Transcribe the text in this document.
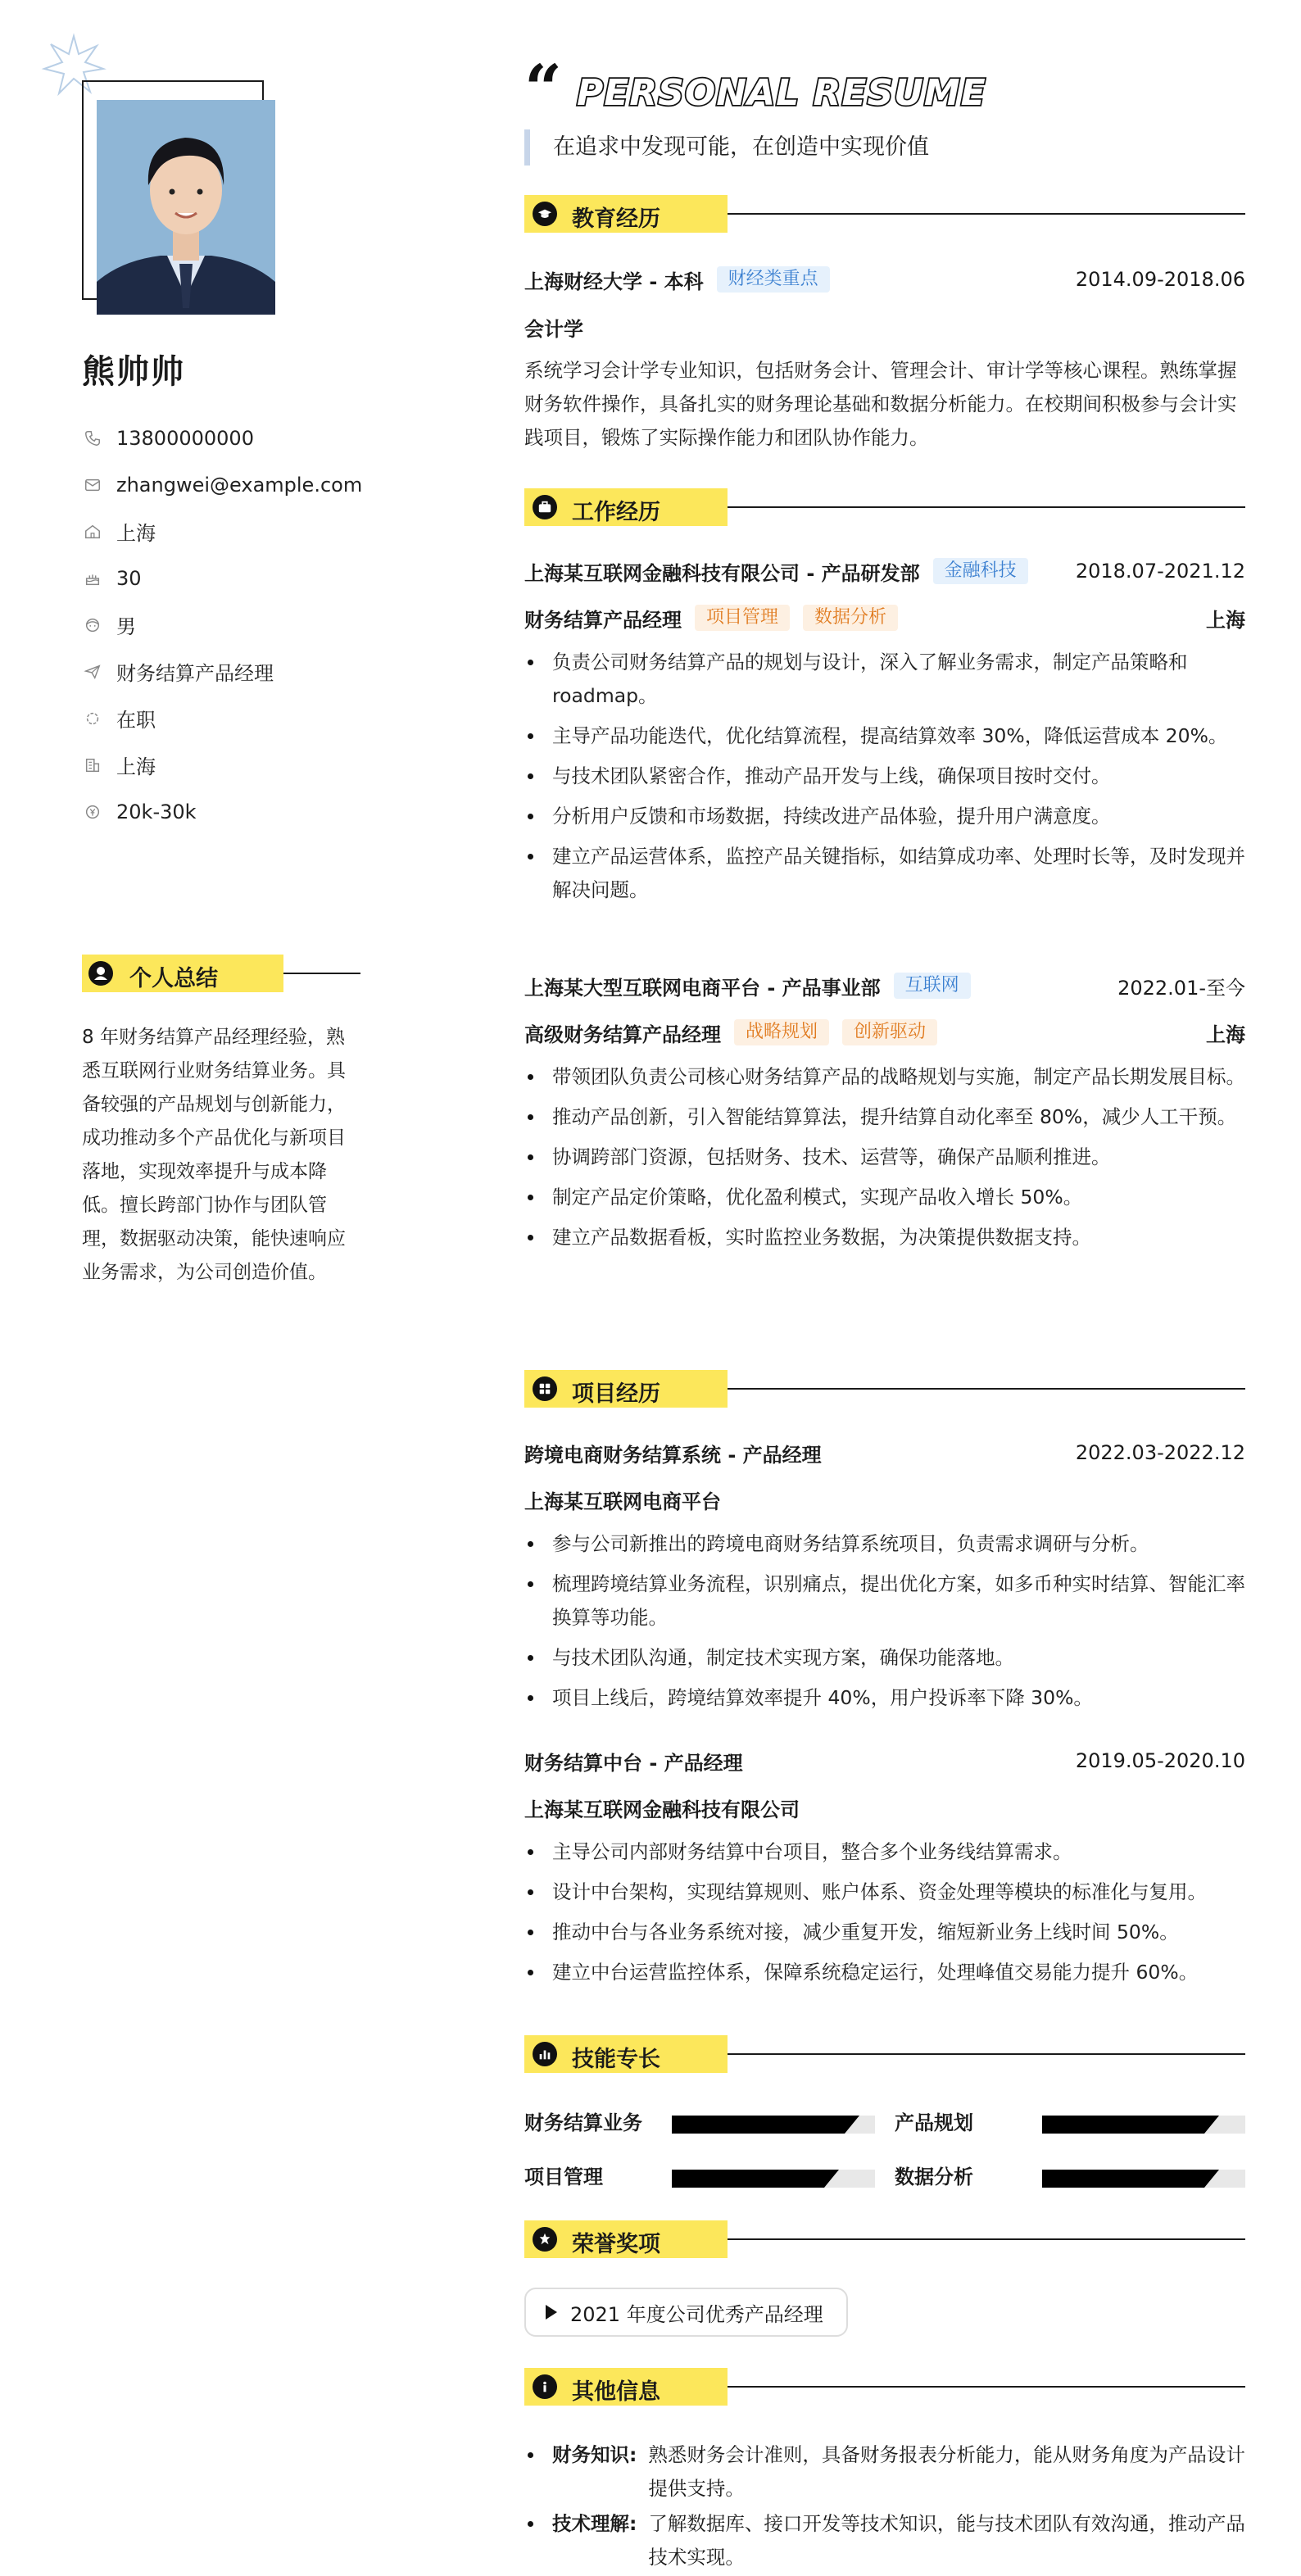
熊帅帅
13800000000
zhangwei@example.com
上海
30
男
财务结算产品经理
在职
上海
20k-30k
个人总结
8 年财务结算产品经理经验，熟悉互联网行业财务结算业务。具备较强的产品规划与创新能力，成功推动多个产品优化与新项目落地，实现效率提升与成本降低。擅长跨部门协作与团队管理，数据驱动决策，能快速响应业务需求，为公司创造价值。
“ PERSONAL RESUME
在追求中发现可能，在创造中实现价值
教育经历
上海财经大学 - 本科	财经类重点	2014.09-2018.06
会计学
系统学习会计学专业知识，包括财务会计、管理会计、审计学等核心课程。熟练掌握财务软件操作，具备扎实的财务理论基础和数据分析能力。在校期间积极参与会计实践项目，锻炼了实际操作能力和团队协作能力。
工作经历
上海某互联网金融科技有限公司 - 产品研发部	金融科技	2018.07-2021.12
财务结算产品经理	项目管理	数据分析	上海
负责公司财务结算产品的规划与设计，深入了解业务需求，制定产品策略和 roadmap。
主导产品功能迭代，优化结算流程，提高结算效率 30%，降低运营成本 20%。
与技术团队紧密合作，推动产品开发与上线，确保项目按时交付。
分析用户反馈和市场数据，持续改进产品体验，提升用户满意度。
建立产品运营体系，监控产品关键指标，如结算成功率、处理时长等，及时发现并解决问题。
上海某大型互联网电商平台 - 产品事业部	互联网	2022.01-至今
高级财务结算产品经理	战略规划	创新驱动	上海
带领团队负责公司核心财务结算产品的战略规划与实施，制定产品长期发展目标。
推动产品创新，引入智能结算算法，提升结算自动化率至 80%，减少人工干预。
协调跨部门资源，包括财务、技术、运营等，确保产品顺利推进。
制定产品定价策略，优化盈利模式，实现产品收入增长 50%。
建立产品数据看板，实时监控业务数据，为决策提供数据支持。
项目经历
跨境电商财务结算系统 - 产品经理	2022.03-2022.12
上海某互联网电商平台
参与公司新推出的跨境电商财务结算系统项目，负责需求调研与分析。
梳理跨境结算业务流程，识别痛点，提出优化方案，如多币种实时结算、智能汇率换算等功能。
与技术团队沟通，制定技术实现方案，确保功能落地。
项目上线后，跨境结算效率提升 40%，用户投诉率下降 30%。
财务结算中台 - 产品经理	2019.05-2020.10
上海某互联网金融科技有限公司
主导公司内部财务结算中台项目，整合多个业务线结算需求。
设计中台架构，实现结算规则、账户体系、资金处理等模块的标准化与复用。
推动中台与各业务系统对接，减少重复开发，缩短新业务上线时间 50%。
建立中台运营监控体系，保障系统稳定运行，处理峰值交易能力提升 60%。
技能专长
财务结算业务	产品规划
项目管理	数据分析
荣誉奖项
2021 年度公司优秀产品经理
其他信息
财务知识: 熟悉财务会计准则，具备财务报表分析能力，能从财务角度为产品设计提供支持。
技术理解: 了解数据库、接口开发等技术知识，能与技术团队有效沟通，推动产品技术实现。
